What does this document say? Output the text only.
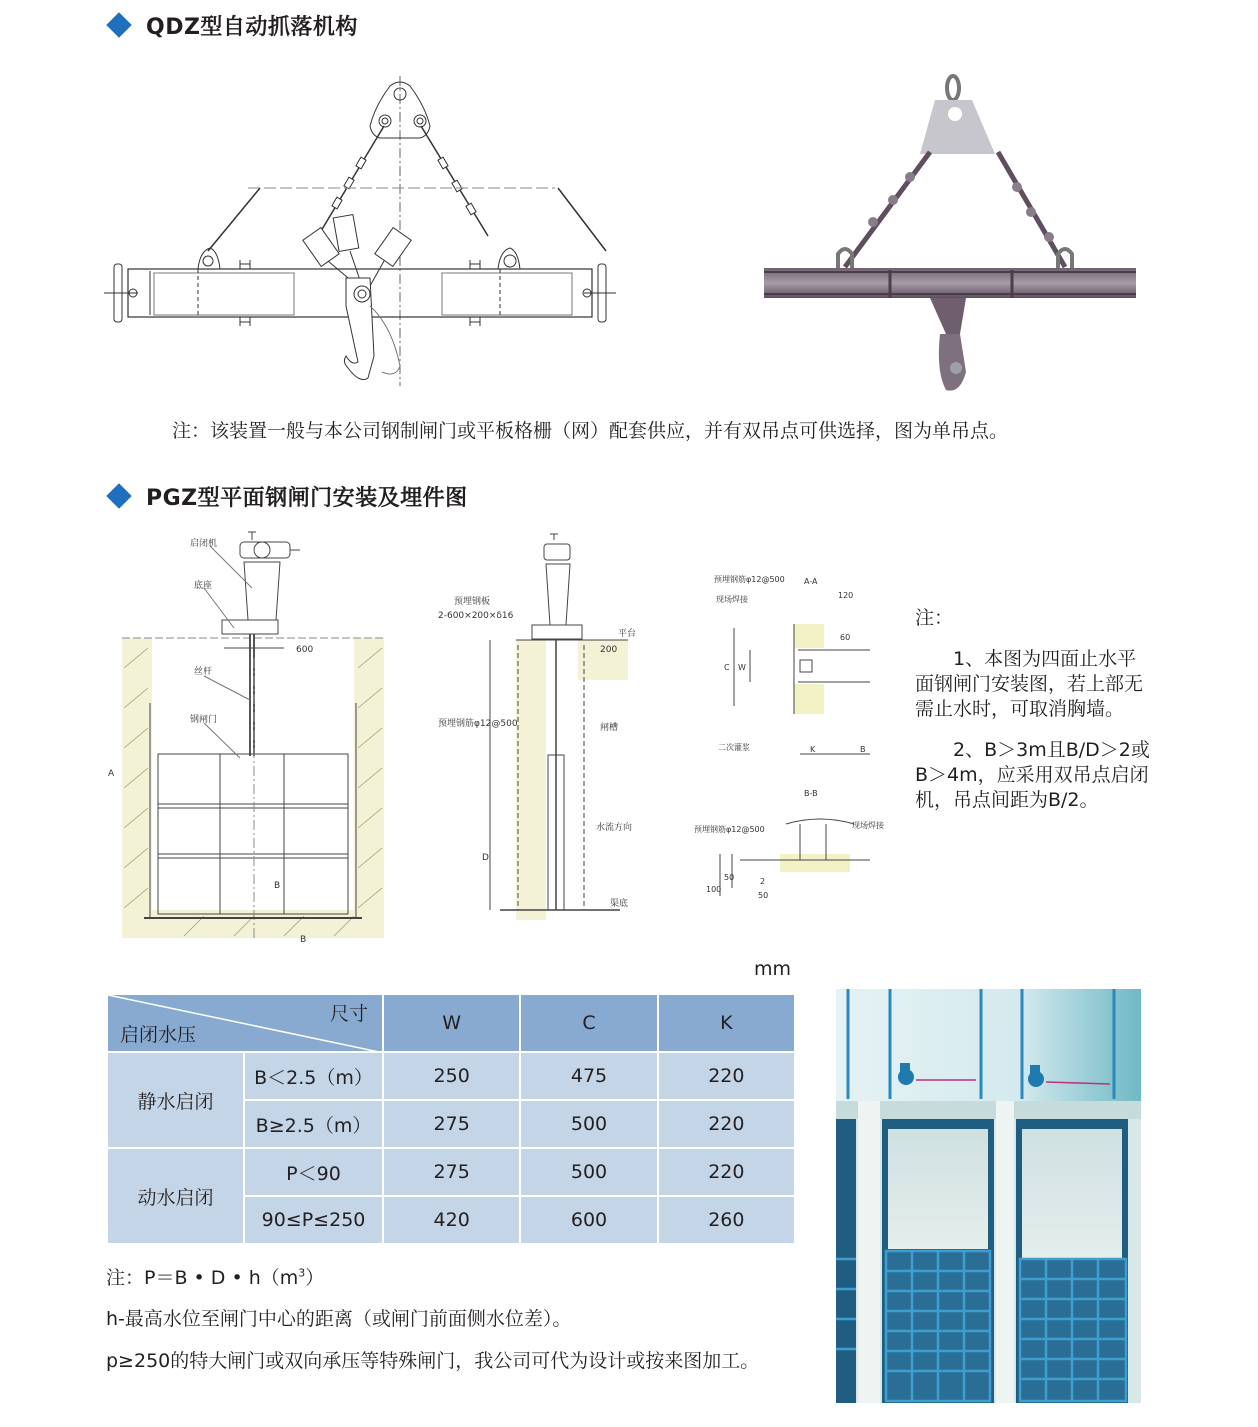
QDZ型自动抓落机构
注：该装置一般与本公司钢制闸门或平板格栅（网）配套供应，并有双吊点可供选择，图为单吊点。
PGZ型平面钢闸门安装及埋件图
启闭机
底座
丝杆
钢闸门
600
A
B
B
预埋钢板
2-600×200×δ16
平台
200
预埋钢筋φ12@500	闸槽
水流方向
渠底
D
A-A
预埋钢筋φ12@500
现场焊接	120
60
C W
二次灌浆	K	B
B-B
预埋钢筋φ12@500	现场焊接
100
50	2
50

注：

1、本图为四面止水平面钢闸门安装图，若上部无需止水时，可取消胸墙。

2、B＞3m且B/D＞2或B＞4m，应采用双吊点启闭机，吊点间距为B/2。

mm
尺寸
启闭水压		W	C	K
静水启闭	B＜2.5（m）	250	475	220
	B≥2.5（m）	275	500	220
动水启闭	P＜90	275	500	220
	90≤P≤250	420	600	260
注：P＝B • D • $h(m^3)$
h-最高水位至闸门中心的距离（或闸门前面侧水位差）。
p≥250的特大闸门或双向承压等特殊闸门，我公司可代为设计或按来图加工。
